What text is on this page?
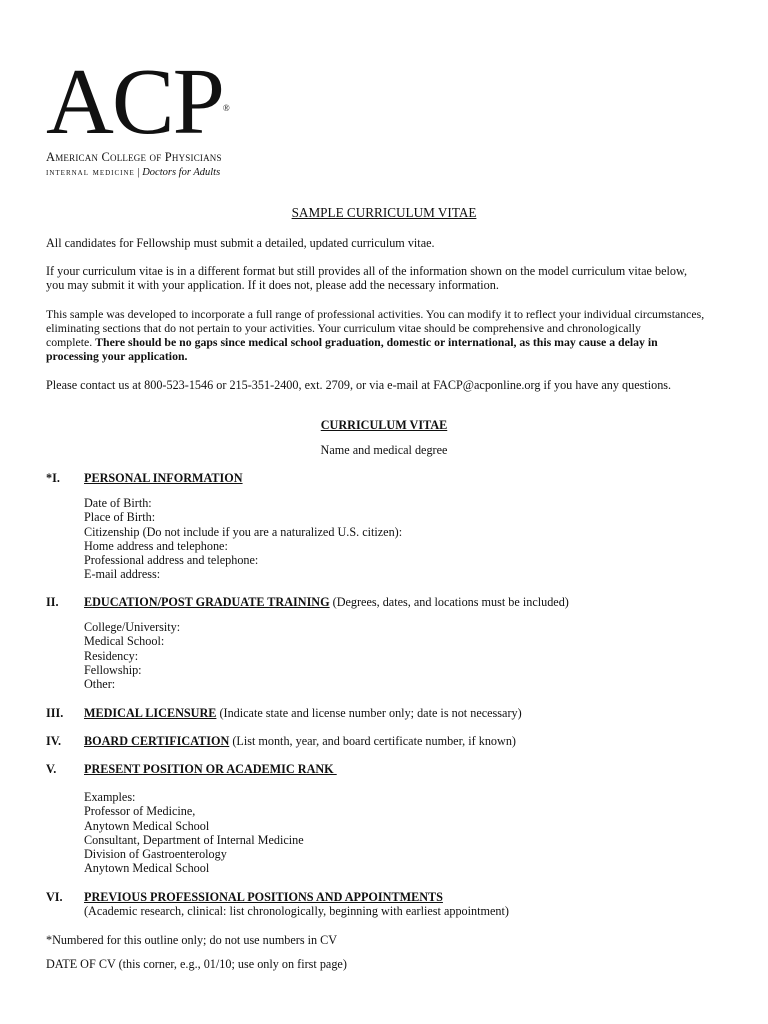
ACP®
American College of Physicians
internal medicine | Doctors for Adults
SAMPLE CURRICULUM VITAE
All candidates for Fellowship must submit a detailed, updated curriculum vitae.
If your curriculum vitae is in a different format but still provides all of the information shown on the model curriculum vitae below,
you may submit it with your application. If it does not, please add the necessary information.
This sample was developed to incorporate a full range of professional activities. You can modify it to reflect your individual circumstances,
eliminating sections that do not pertain to your activities. Your curriculum vitae should be comprehensive and chronologically
complete. There should be no gaps since medical school graduation, domestic or international, as this may cause a delay in
processing your application.
Please contact us at 800-523-1546 or 215-351-2400, ext. 2709, or via e-mail at FACP@acponline.org if you have any questions.
CURRICULUM VITAE
Name and medical degree
*I. PERSONAL INFORMATION
Date of Birth:
Place of Birth:
Citizenship (Do not include if you are a naturalized U.S. citizen):
Home address and telephone:
Professional address and telephone:
E-mail address:
II. EDUCATION/POST GRADUATE TRAINING (Degrees, dates, and locations must be included)
College/University:
Medical School:
Residency:
Fellowship:
Other:
III. MEDICAL LICENSURE (Indicate state and license number only; date is not necessary)
IV. BOARD CERTIFICATION (List month, year, and board certificate number, if known)
V. PRESENT POSITION OR ACADEMIC RANK
Examples:
Professor of Medicine,
Anytown Medical School
Consultant, Department of Internal Medicine
Division of Gastroenterology
Anytown Medical School
VI. PREVIOUS PROFESSIONAL POSITIONS AND APPOINTMENTS
(Academic research, clinical: list chronologically, beginning with earliest appointment)
*Numbered for this outline only; do not use numbers in CV
DATE OF CV (this corner, e.g., 01/10; use only on first page)
